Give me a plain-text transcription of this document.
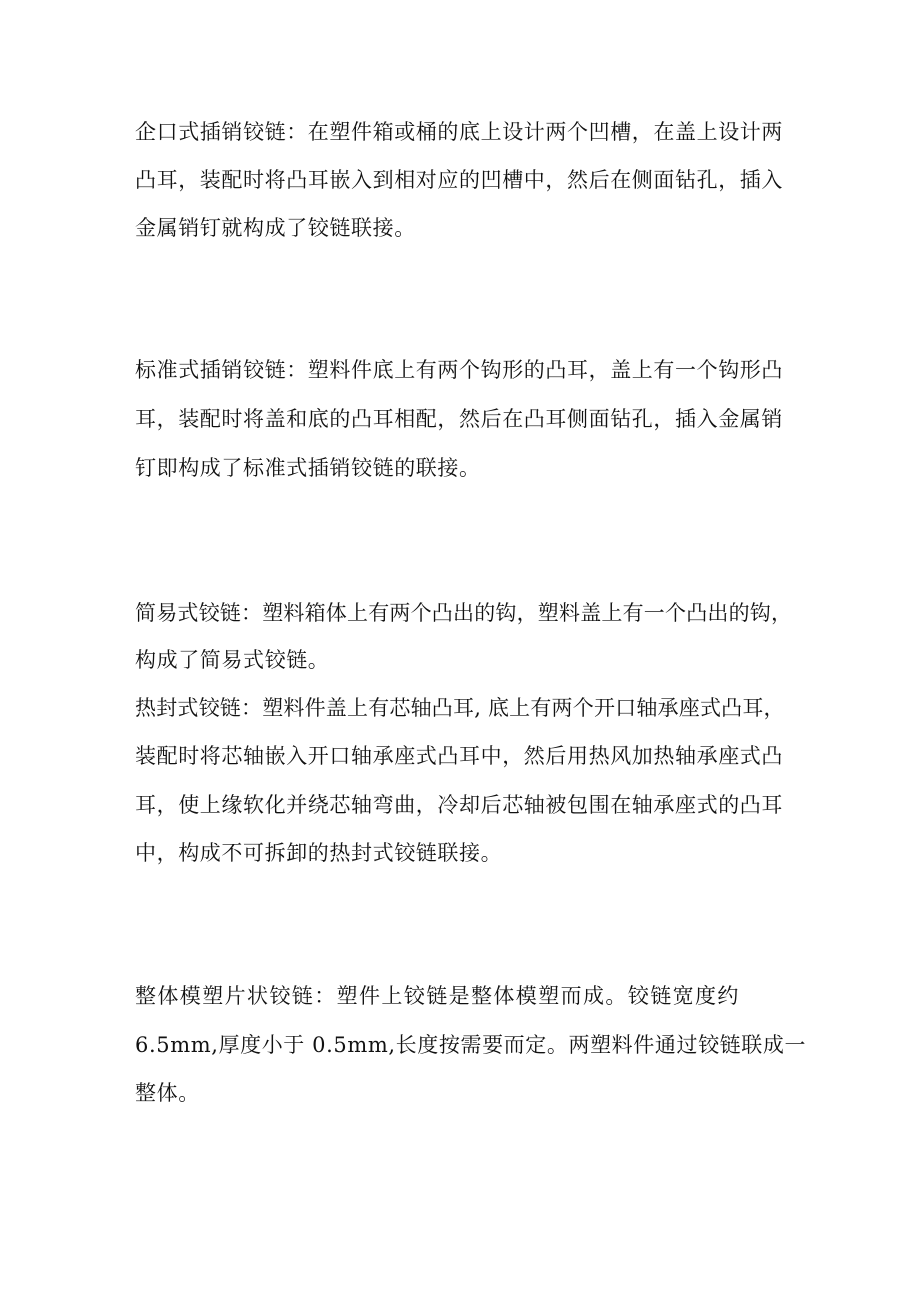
企口式插销铰链：在塑件箱或桶的底上设计两个凹槽，在盖上设计两
凸耳，装配时将凸耳嵌入到相对应的凹槽中，然后在侧面钻孔，插入
金属销钉就构成了铰链联接。
标准式插销铰链：塑料件底上有两个钩形的凸耳，盖上有一个钩形凸
耳，装配时将盖和底的凸耳相配，然后在凸耳侧面钻孔，插入金属销
钉即构成了标准式插销铰链的联接。
简易式铰链：塑料箱体上有两个凸出的钩，塑料盖上有一个凸出的钩，
构成了简易式铰链。
热封式铰链：塑料件盖上有芯轴凸耳, 底上有两个开口轴承座式凸耳，
装配时将芯轴嵌入开口轴承座式凸耳中，然后用热风加热轴承座式凸
耳，使上缘软化并绕芯轴弯曲，冷却后芯轴被包围在轴承座式的凸耳
中，构成不可拆卸的热封式铰链联接。
整体模塑片状铰链：塑件上铰链是整体模塑而成。铰链宽度约
6.5mm,厚度小于 0.5mm,长度按需要而定。两塑料件通过铰链联成一
整体。
